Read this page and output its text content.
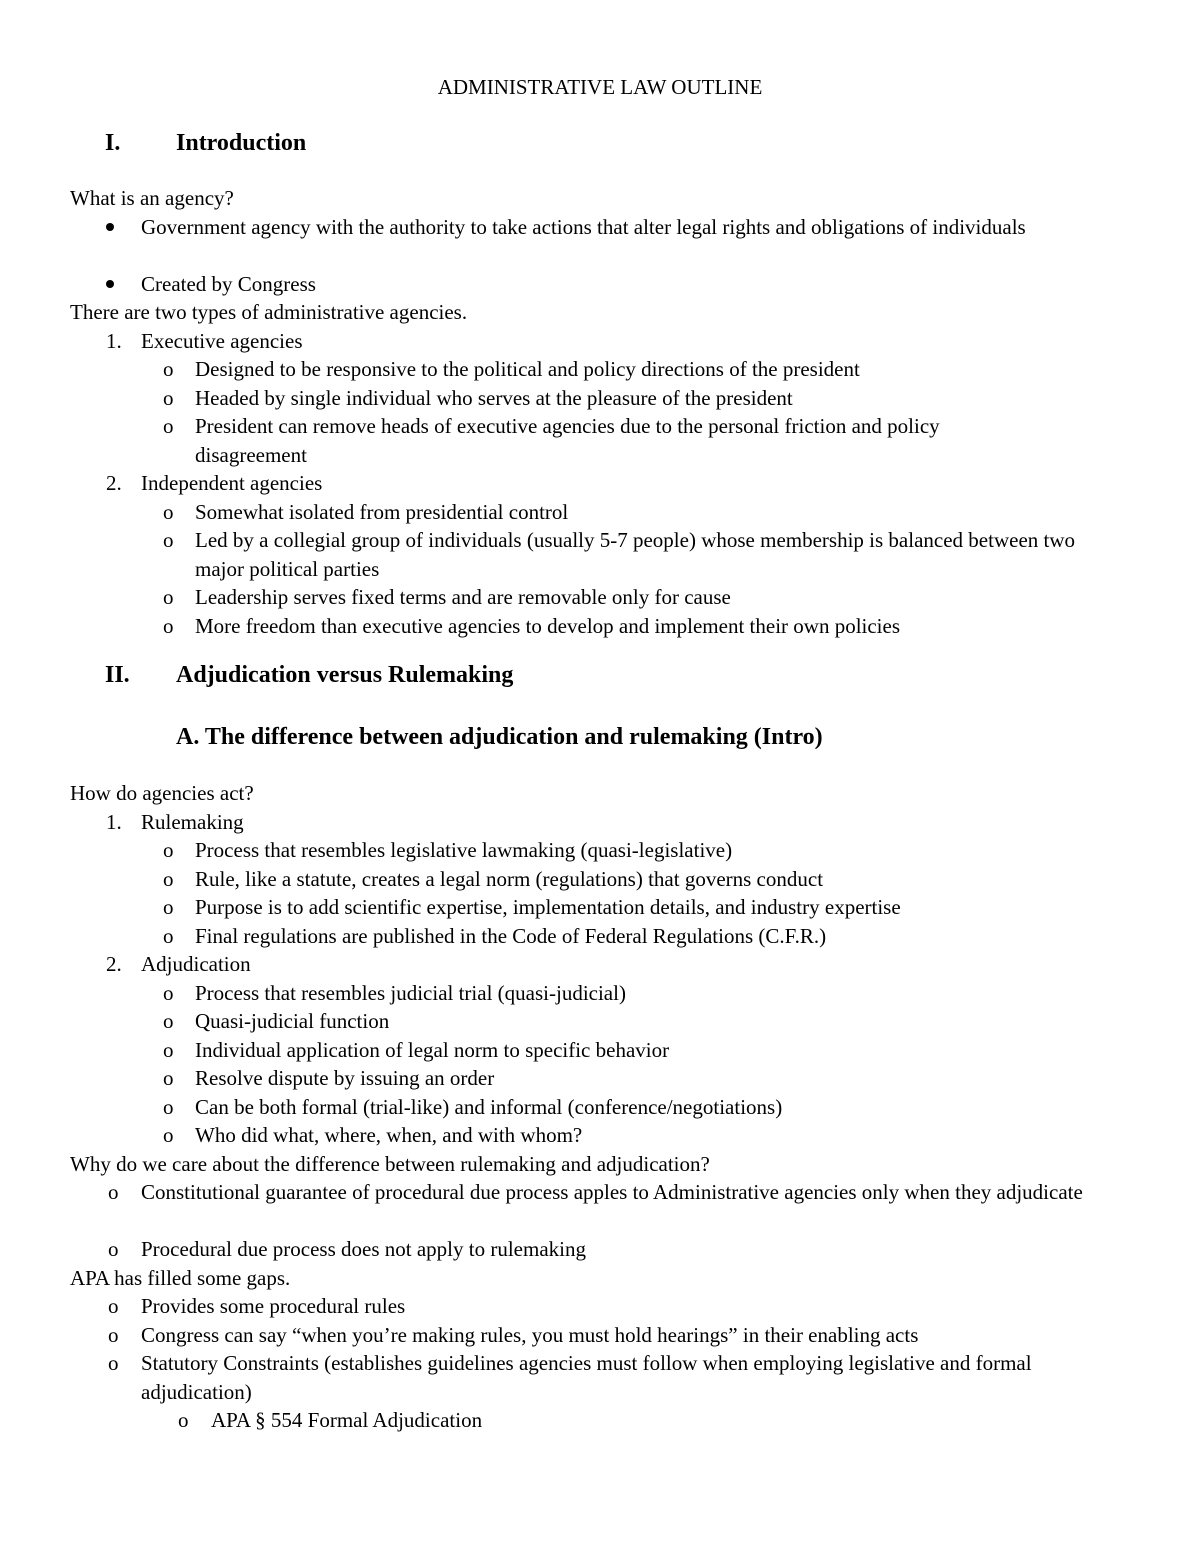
ADMINISTRATIVE LAW OUTLINE
I. Introduction
What is an agency?
Government agency with the authority to take actions that alter legal rights and obligations of individuals
Created by Congress
There are two types of administrative agencies.
1. Executive agencies
o Designed to be responsive to the political and policy directions of the president
o Headed by single individual who serves at the pleasure of the president
o President can remove heads of executive agencies due to the personal friction and policy disagreement
2. Independent agencies
o Somewhat isolated from presidential control
o Led by a collegial group of individuals (usually 5-7 people) whose membership is balanced between two major political parties
o Leadership serves fixed terms and are removable only for cause
o More freedom than executive agencies to develop and implement their own policies
II. Adjudication versus Rulemaking
A. The difference between adjudication and rulemaking (Intro)
How do agencies act?
1. Rulemaking
o Process that resembles legislative lawmaking (quasi-legislative)
o Rule, like a statute, creates a legal norm (regulations) that governs conduct
o Purpose is to add scientific expertise, implementation details, and industry expertise
o Final regulations are published in the Code of Federal Regulations (C.F.R.)
2. Adjudication
o Process that resembles judicial trial (quasi-judicial)
o Quasi-judicial function
o Individual application of legal norm to specific behavior
o Resolve dispute by issuing an order
o Can be both formal (trial-like) and informal (conference/negotiations)
o Who did what, where, when, and with whom?
Why do we care about the difference between rulemaking and adjudication?
o Constitutional guarantee of procedural due process apples to Administrative agencies only when they adjudicate
o Procedural due process does not apply to rulemaking
APA has filled some gaps.
o Provides some procedural rules
o Congress can say “when you’re making rules, you must hold hearings” in their enabling acts
o Statutory Constraints (establishes guidelines agencies must follow when employing legislative and formal adjudication)
o APA § 554 Formal Adjudication
